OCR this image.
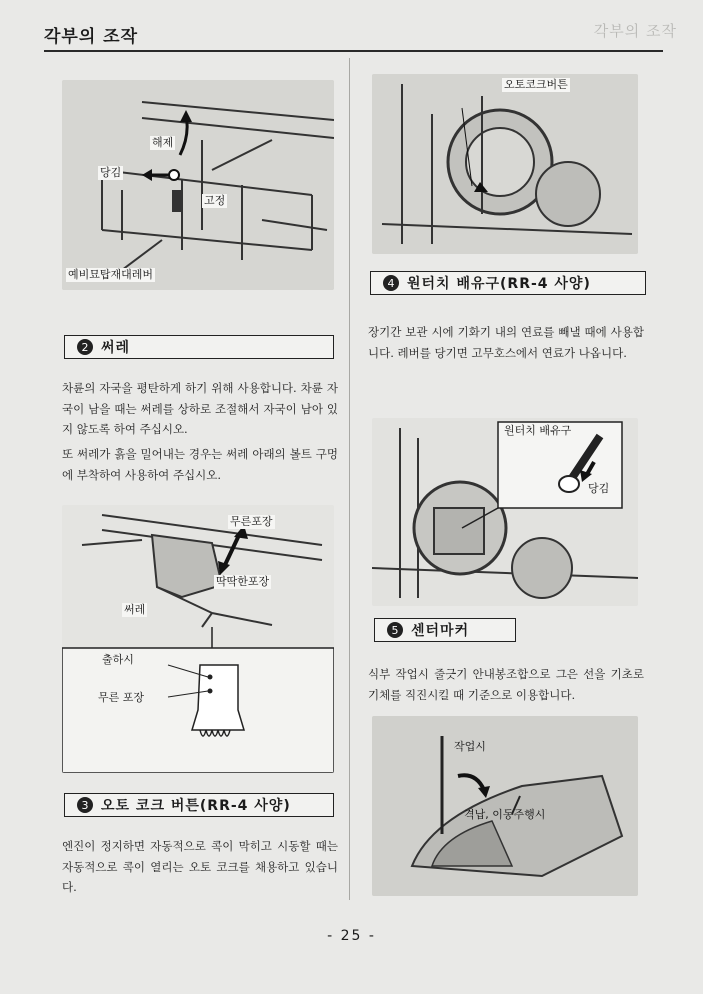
각부의 조작	각부의 조작
해제
당김
고정
예비묘탑재대레버
2 써레
차륜의 자국을 평탄하게 하기 위해 사용합니다. 차륜 자국이 남을 때는 써레를 상하로 조절해서 자국이 남아 있지 않도록 하여 주십시오.
또 써레가 흙을 밀어내는 경우는 써레 아래의 볼트 구멍에 부착하여 사용하여 주십시오.
무른포장
딱딱한포장
써레
출하시
무른 포장
3 오토 코크 버튼(RR-4 사양)
엔진이 정지하면 자동적으로 콕이 막히고 시동할 때는 자동적으로 콕이 열리는 오토 코크를 채용하고 있습니다.
오토코크버튼
4 원터치 배유구(RR-4 사양)
장기간 보관 시에 기화기 내의 연료를 빼낼 때에 사용합니다. 레버를 당기면 고무호스에서 연료가 나옵니다.
원터치 배유구
당김
5 센터마커
식부 작업시 줄긋기 안내봉조합으로 그은 선을 기초로 기체를 직진시킬 때 기준으로 이용합니다.
작업시
격납, 이동주행시
- 25 -
